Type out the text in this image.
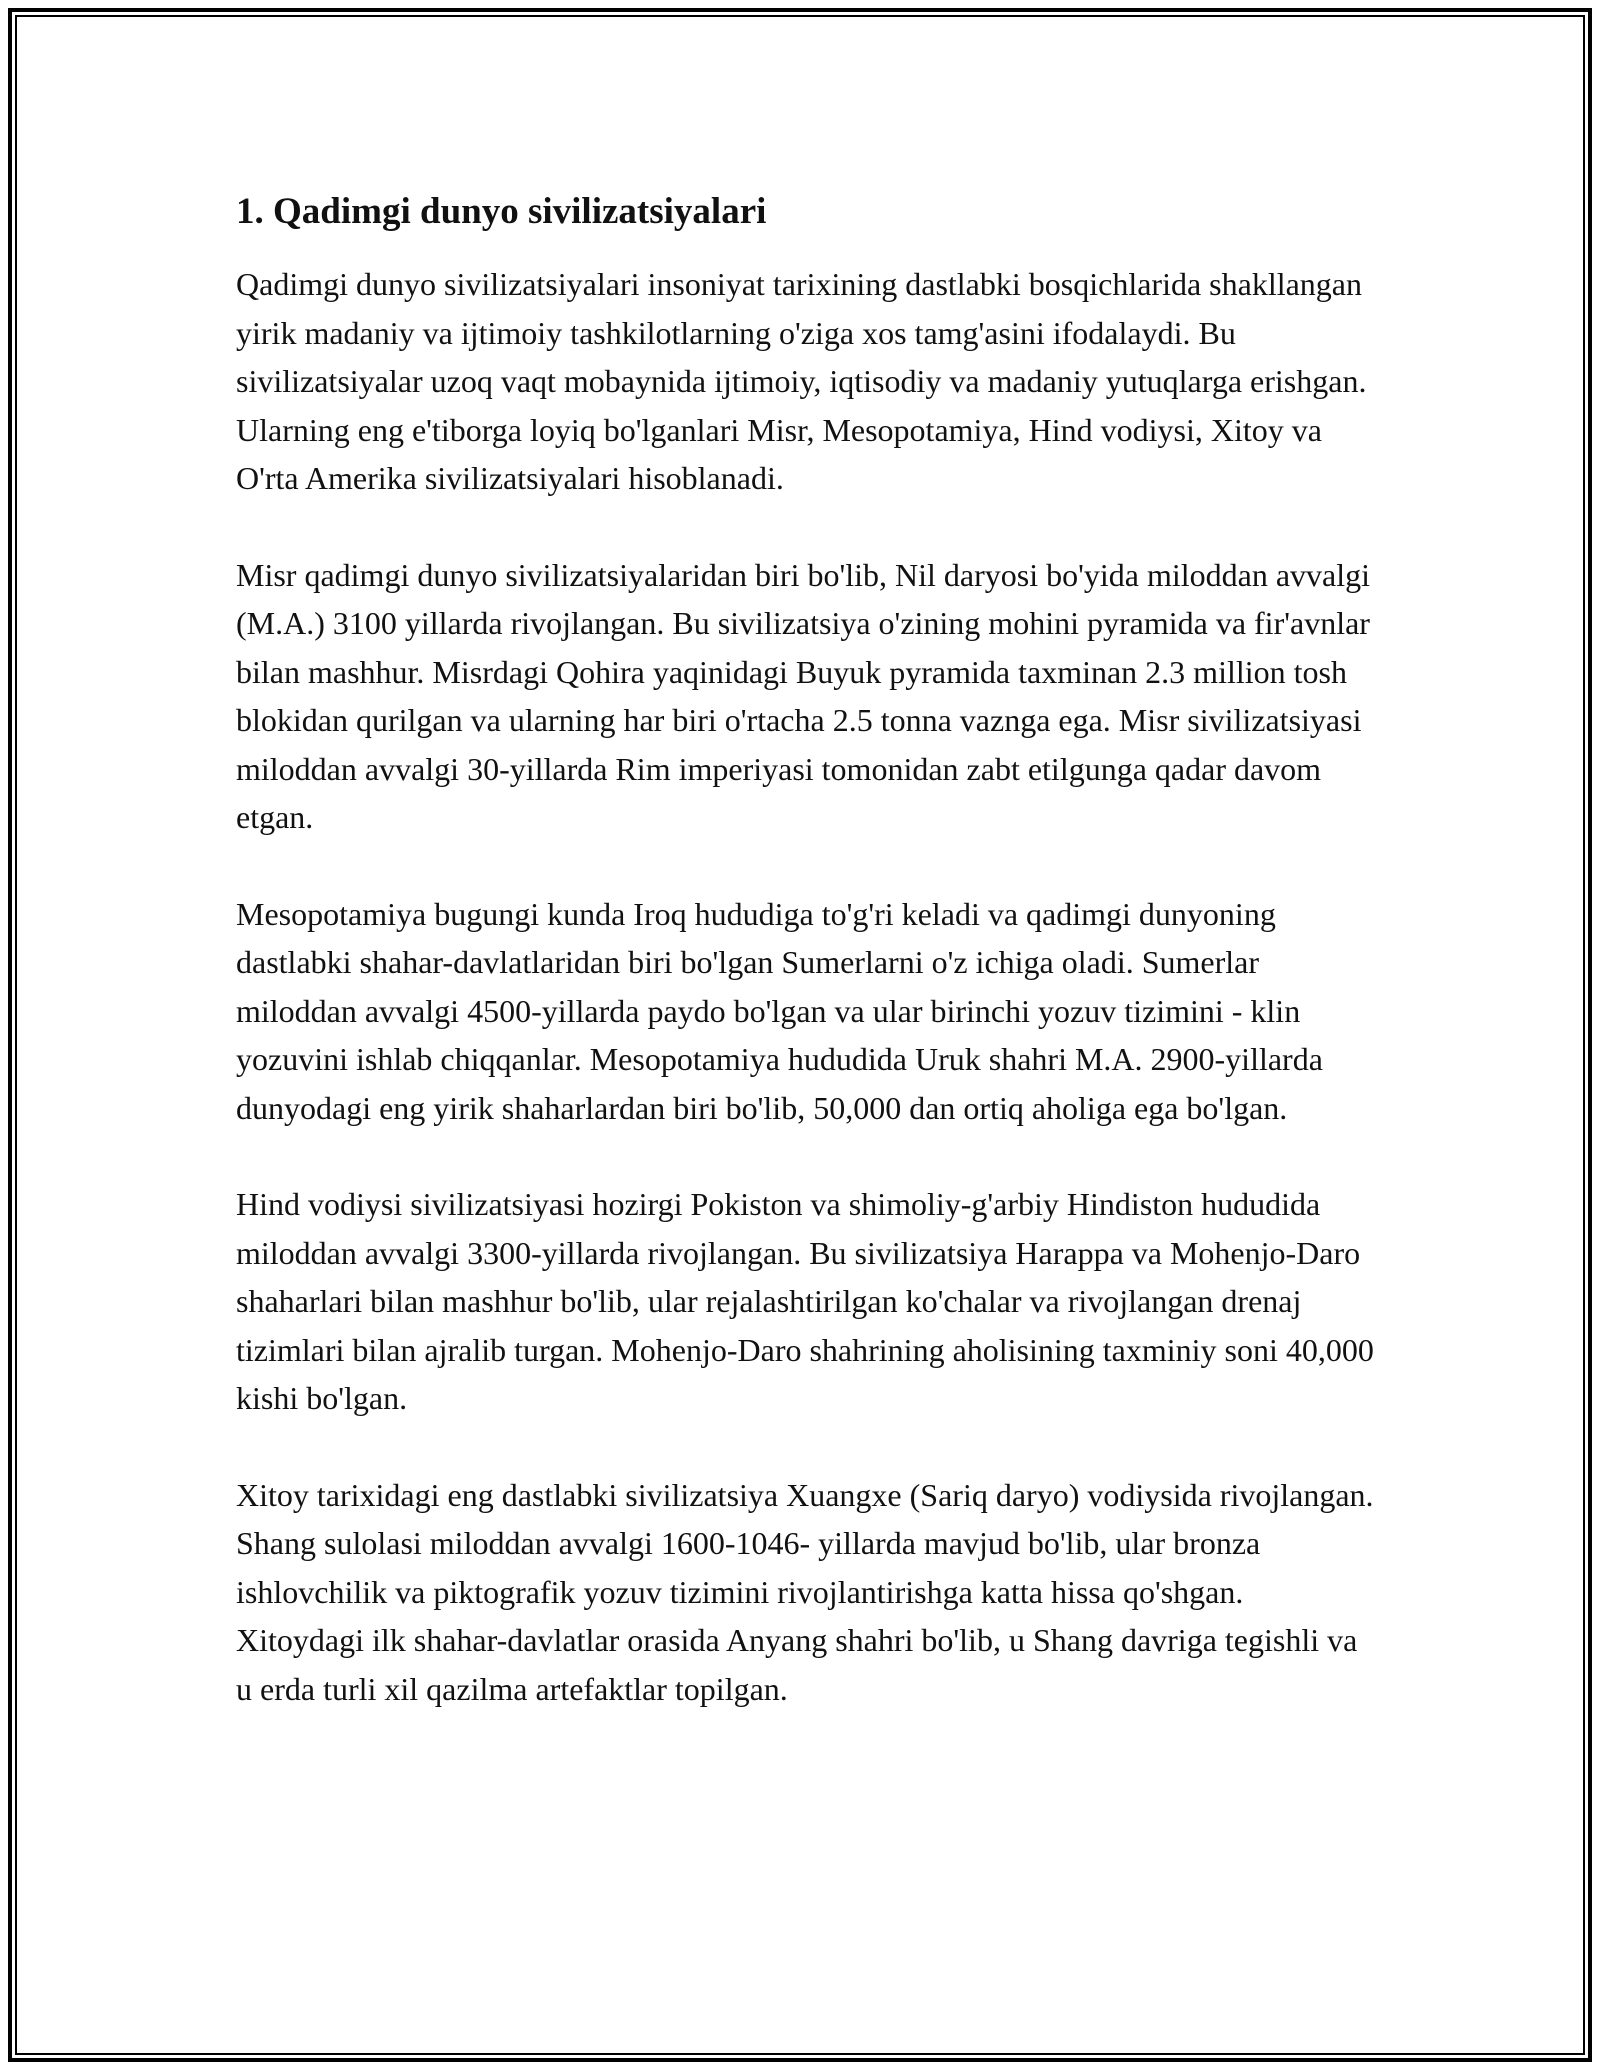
1. Qadimgi dunyo sivilizatsiyalari

Qadimgi dunyo sivilizatsiyalari insoniyat tarixining dastlabki bosqichlarida shakllangan yirik madaniy va ijtimoiy tashkilotlarning o'ziga xos tamg'asini ifodalaydi. Bu sivilizatsiyalar uzoq vaqt mobaynida ijtimoiy, iqtisodiy va madaniy yutuqlarga erishgan. Ularning eng e'tiborga loyiq bo'lganlari Misr, Mesopotamiya, Hind vodiysi, Xitoy va O'rta Amerika sivilizatsiyalari hisoblanadi.

Misr qadimgi dunyo sivilizatsiyalaridan biri bo'lib, Nil daryosi bo'yida miloddan avvalgi (M.A.) 3100 yillarda rivojlangan. Bu sivilizatsiya o'zining mohini pyramida va fir'avnlar bilan mashhur. Misrdagi Qohira yaqinidagi Buyuk pyramida taxminan 2.3 million tosh blokidan qurilgan va ularning har biri o'rtacha 2.5 tonna vaznga ega. Misr sivilizatsiyasi miloddan avvalgi 30-yillarda Rim imperiyasi tomonidan zabt etilgunga qadar davom etgan.

Mesopotamiya bugungi kunda Iroq hududiga to'g'ri keladi va qadimgi dunyoning dastlabki shahar-davlatlaridan biri bo'lgan Sumerlarni o'z ichiga oladi. Sumerlar miloddan avvalgi 4500-yillarda paydo bo'lgan va ular birinchi yozuv tizimini - klin yozuvini ishlab chiqqanlar. Mesopotamiya hududida Uruk shahri M.A. 2900-yillarda dunyodagi eng yirik shaharlardan biri bo'lib, 50,000 dan ortiq aholiga ega bo'lgan.

Hind vodiysi sivilizatsiyasi hozirgi Pokiston va shimoliy-g'arbiy Hindiston hududida miloddan avvalgi 3300-yillarda rivojlangan. Bu sivilizatsiya Harappa va Mohenjo-Daro shaharlari bilan mashhur bo'lib, ular rejalashtirilgan ko'chalar va rivojlangan drenaj tizimlari bilan ajralib turgan. Mohenjo-Daro shahrining aholisining taxminiy soni 40,000 kishi bo'lgan.

Xitoy tarixidagi eng dastlabki sivilizatsiya Xuangxe (Sariq daryo) vodiysida rivojlangan. Shang sulolasi miloddan avvalgi 1600-1046- yillarda mavjud bo'lib, ular bronza ishlovchilik va piktografik yozuv tizimini rivojlantirishga katta hissa qo'shgan. Xitoydagi ilk shahar-davlatlar orasida Anyang shahri bo'lib, u Shang davriga tegishli va u erda turli xil qazilma artefaktlar topilgan.
